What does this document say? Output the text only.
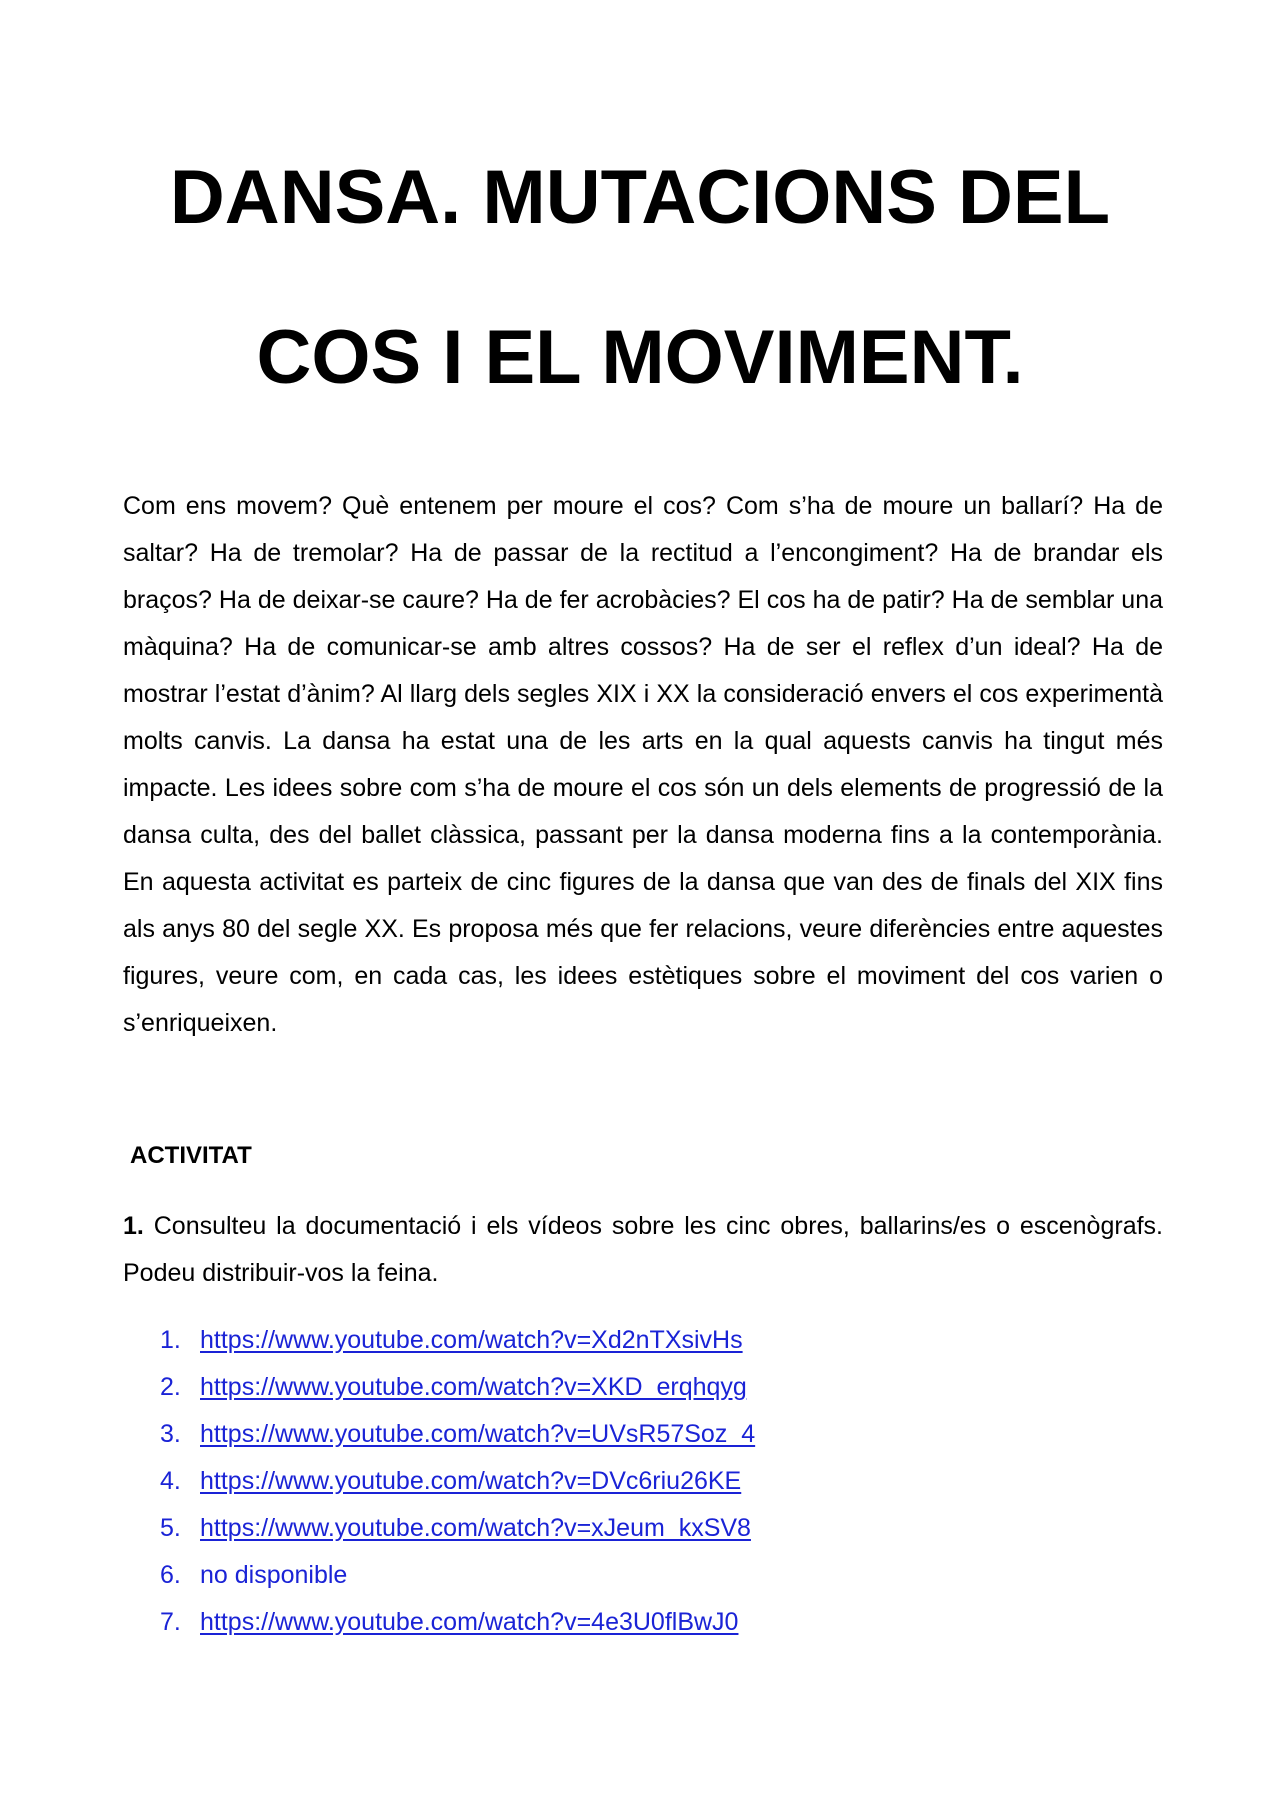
DANSA. MUTACIONS DEL
COS I EL MOVIMENT.

Com ens movem? Què entenem per moure el cos? Com s’ha de moure un ballarí? Ha de saltar? Ha de tremolar? Ha de passar de la rectitud a l’encongiment? Ha de brandar els braços? Ha de deixar-se caure? Ha de fer acrobàcies? El cos ha de patir? Ha de semblar una màquina? Ha de comunicar-se amb altres cossos? Ha de ser el reflex d’un ideal? Ha de mostrar l’estat d’ànim? Al llarg dels segles XIX i XX la consideració envers el cos experimentà molts canvis. La dansa ha estat una de les arts en la qual aquests canvis ha tingut més impacte. Les idees sobre com s’ha de moure el cos són un dels elements de progressió de la dansa culta, des del ballet clàssica, passant per la dansa moderna fins a la contemporània. En aquesta activitat es parteix de cinc figures de la dansa que van des de finals del XIX fins als anys 80 del segle XX. Es proposa més que fer relacions, veure diferències entre aquestes figures, veure com, en cada cas, les idees estètiques sobre el moviment del cos varien o s’enriqueixen.

ACTIVITAT

1. Consulteu la documentació i els vídeos sobre les cinc obres, ballarins/es o escenògrafs. Podeu distribuir-vos la feina.

1. https://www.youtube.com/watch?v=Xd2nTXsivHs
2. https://www.youtube.com/watch?v=XKD_erqhqyg
3. https://www.youtube.com/watch?v=UVsR57Soz_4
4. https://www.youtube.com/watch?v=DVc6riu26KE
5. https://www.youtube.com/watch?v=xJeum_kxSV8
6. no disponible
7. https://www.youtube.com/watch?v=4e3U0flBwJ0
